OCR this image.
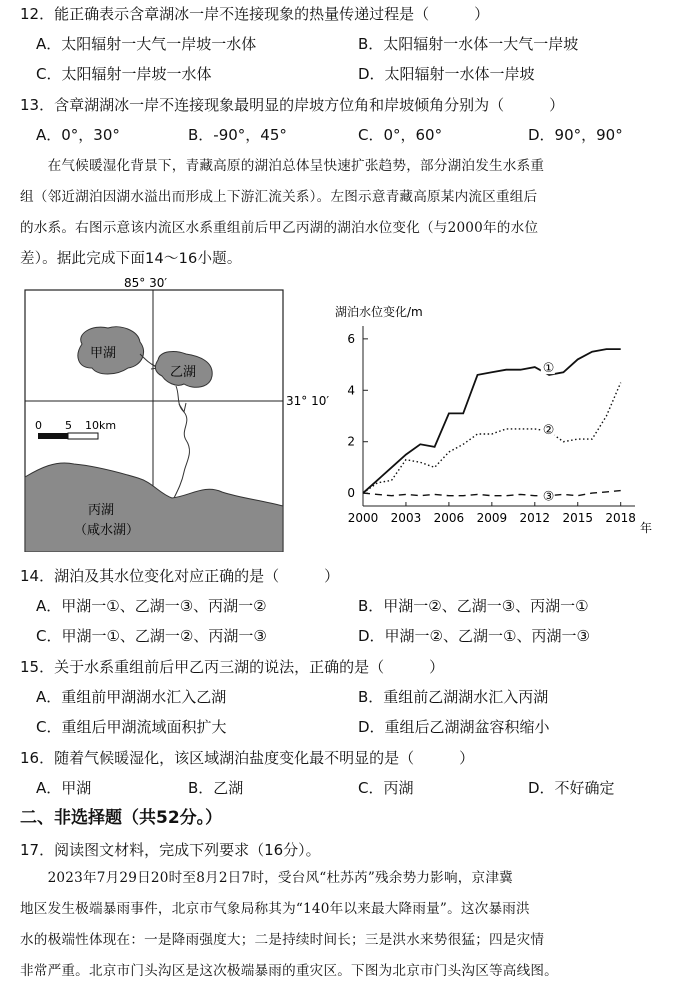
12．能正确表示含章湖冰一岸不连接现象的热量传递过程是（　　　）
A．太阳辐射一大气一岸坡一水体	B．太阳辐射一水体一大气一岸坡
C．太阳辐射一岸坡一水体	D．太阳辐射一水体一岸坡
13．含章湖湖冰一岸不连接现象最明显的岸坡方位角和岸坡倾角分别为（　　　）
A．0°，30°	B．-90°，45°	C．0°，60°	D．90°，90°

　　在气候暖湿化背景下，青藏高原的湖泊总体呈快速扩张趋势，部分湖泊发生水系重

组（邻近湖泊因湖水溢出而形成上下游汇流关系）。左图示意青藏高原某内流区重组后

的水系。右图示意该内流区水系重组前后甲乙丙湖的湖泊水位变化（与2000年的水位

差）。据此完成下面14～16小题。

85° 30′
31° 10′
甲湖
乙湖
丙湖
（咸水湖）
0 5 10km
湖泊水位变化/m
0
2
4
6
2000 2003 2006 2009 2012 2015 2018
①
②
③
年
14．湖泊及其水位变化对应正确的是（　　　）
A．甲湖一①、乙湖一③、丙湖一②	B．甲湖一②、乙湖一③、丙湖一①
C．甲湖一①、乙湖一②、丙湖一③	D．甲湖一②、乙湖一①、丙湖一③
15．关于水系重组前后甲乙丙三湖的说法，正确的是（　　　）
A．重组前甲湖湖水汇入乙湖	B．重组前乙湖湖水汇入丙湖
C．重组后甲湖流域面积扩大	D．重组后乙湖湖盆容积缩小
16．随着气候暖湿化，该区域湖泊盐度变化最不明显的是（　　　）
A．甲湖	B．乙湖	C．丙湖	D．不好确定
二、非选择题（共52分。）
17．阅读图文材料，完成下列要求（16分）。

　　2023年7月29日20时至8月2日7时，受台风“杜苏芮”残余势力影响，京津冀

地区发生极端暴雨事件，北京市气象局称其为“140年以来最大降雨量”。这次暴雨洪

水的极端性体现在：一是降雨强度大；二是持续时间长；三是洪水来势很猛；四是灾情

非常严重。北京市门头沟区是这次极端暴雨的重灾区。下图为北京市门头沟区等高线图。
